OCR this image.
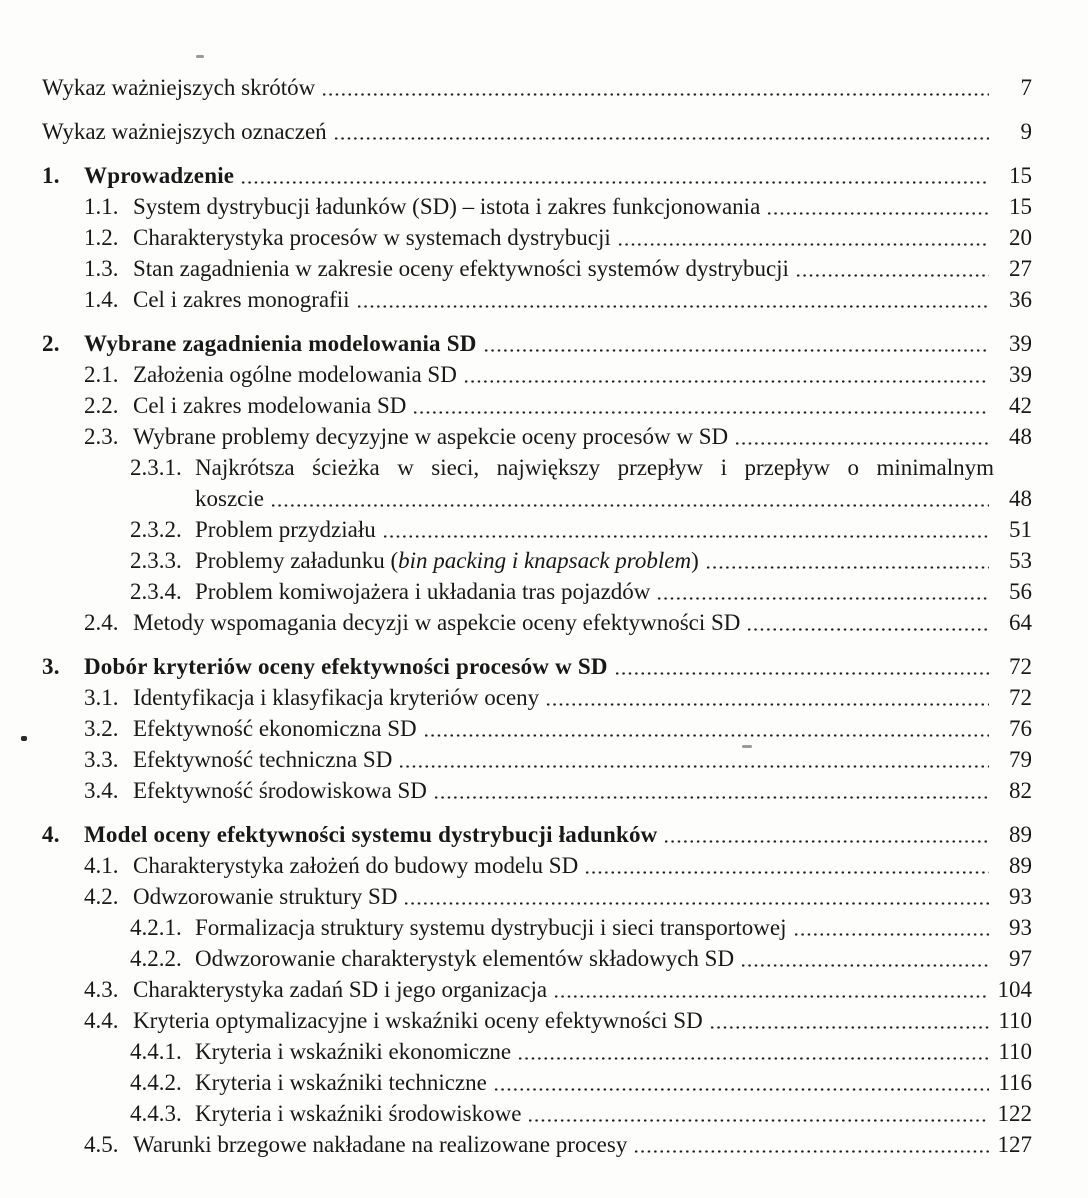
Wykaz ważniejszych skrótów	7
Wykaz ważniejszych oznaczeń	9
1.	Wprowadzenie	15
1.1. System dystrybucji ładunków (SD) – istota i zakres funkcjonowania	15
1.2. Charakterystyka procesów w systemach dystrybucji	20
1.3. Stan zagadnienia w zakresie oceny efektywności systemów dystrybucji	27
1.4. Cel i zakres monografii	36
2.	Wybrane zagadnienia modelowania SD	39
2.1. Założenia ogólne modelowania SD	39
2.2. Cel i zakres modelowania SD	42
2.3. Wybrane problemy decyzyjne w aspekcie oceny procesów w SD	48
2.3.1. Najkrótsza ścieżka w sieci, największy przepływ i przepływ o minimalnym
koszcie	48
2.3.2. Problem przydziału	51
2.3.3. Problemy załadunku (bin packing i knapsack problem)	53
2.3.4. Problem komiwojażera i układania tras pojazdów	56
2.4. Metody wspomagania decyzji w aspekcie oceny efektywności SD	64
3.	Dobór kryteriów oceny efektywności procesów w SD	72
3.1. Identyfikacja i klasyfikacja kryteriów oceny	72
3.2. Efektywność ekonomiczna SD	76
3.3. Efektywność techniczna SD	79
3.4. Efektywność środowiskowa SD	82
4.	Model oceny efektywności systemu dystrybucji ładunków	89
4.1. Charakterystyka założeń do budowy modelu SD	89
4.2. Odwzorowanie struktury SD	93
4.2.1. Formalizacja struktury systemu dystrybucji i sieci transportowej	93
4.2.2. Odwzorowanie charakterystyk elementów składowych SD	97
4.3. Charakterystyka zadań SD i jego organizacja	104
4.4. Kryteria optymalizacyjne i wskaźniki oceny efektywności SD	110
4.4.1. Kryteria i wskaźniki ekonomiczne	110
4.4.2. Kryteria i wskaźniki techniczne	116
4.4.3. Kryteria i wskaźniki środowiskowe	122
4.5. Warunki brzegowe nakładane na realizowane procesy	127
